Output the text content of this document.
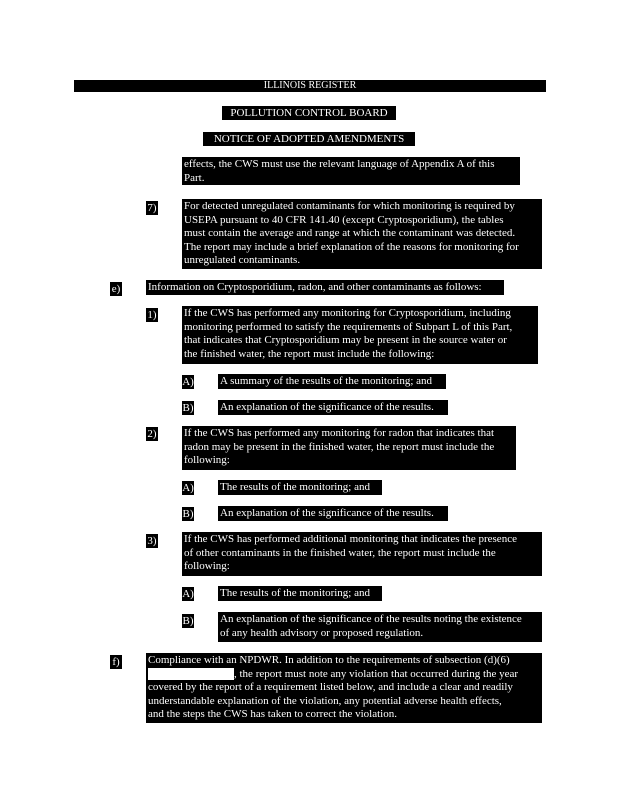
ILLINOIS REGISTER
POLLUTION CONTROL BOARD
NOTICE OF ADOPTED AMENDMENTS
effects, the CWS must use the relevant language of Appendix A of this
Part.
7) For detected unregulated contaminants for which monitoring is required by
USEPA pursuant to 40 CFR 141.40 (except Cryptosporidium), the tables
must contain the average and range at which the contaminant was detected.
The report may include a brief explanation of the reasons for monitoring for
unregulated contaminants.
e)	Information on Cryptosporidium, radon, and other contaminants as follows:
1) If the CWS has performed any monitoring for Cryptosporidium, including
monitoring performed to satisfy the requirements of Subpart L of this Part,
that indicates that Cryptosporidium may be present in the source water or
the finished water, the report must include the following:
A) A summary of the results of the monitoring; and
B) An explanation of the significance of the results.
2) If the CWS has performed any monitoring for radon that indicates that
radon may be present in the finished water, the report must include the
following:
A) The results of the monitoring; and
B) An explanation of the significance of the results.
3) If the CWS has performed additional monitoring that indicates the presence
of other contaminants in the finished water, the report must include the
following:
A) The results of the monitoring; and
B) An explanation of the significance of the results noting the existence
of any health advisory or proposed regulation.
f)	Compliance with an NPDWR. In addition to the requirements of subsection (d)(6)
, the report must note any violation that occurred during the year
covered by the report of a requirement listed below, and include a clear and readily
understandable explanation of the violation, any potential adverse health effects,
and the steps the CWS has taken to correct the violation.
